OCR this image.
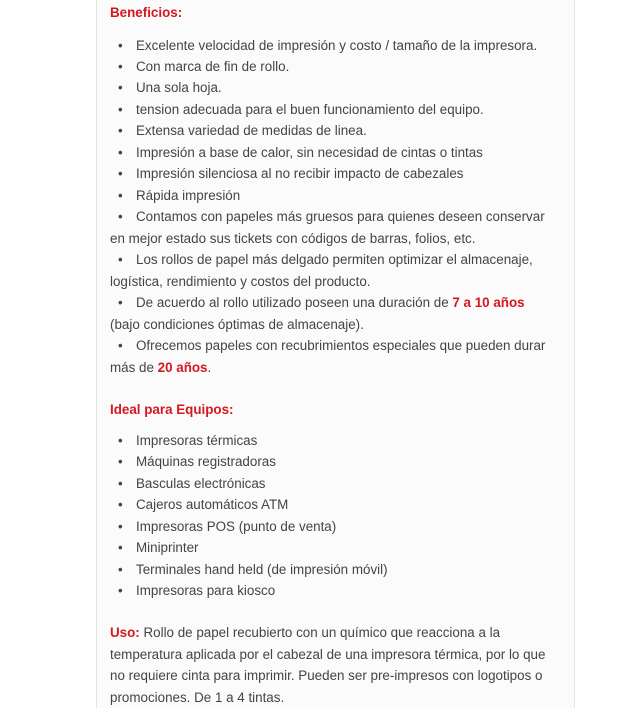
Beneficios:
• Excelente velocidad de impresión y costo / tamaño de la impresora.
• Con marca de fin de rollo.
• Una sola hoja.
• tension adecuada para el buen funcionamiento del equipo.
• Extensa variedad de medidas de linea.
• Impresión a base de calor, sin necesidad de cintas o tintas
• Impresión silenciosa al no recibir impacto de cabezales
• Rápida impresión
• Contamos con papeles más gruesos para quienes deseen conservar en mejor estado sus tickets con códigos de barras, folios, etc.
• Los rollos de papel más delgado permiten optimizar el almacenaje, logística, rendimiento y costos del producto.
• De acuerdo al rollo utilizado poseen una duración de 7 a 10 años (bajo condiciones óptimas de almacenaje).
• Ofrecemos papeles con recubrimientos especiales que pueden durar más de 20 años.
Ideal para Equipos:
• Impresoras térmicas
• Máquinas registradoras
• Basculas electrónicas
• Cajeros automáticos ATM
• Impresoras POS (punto de venta)
• Miniprinter
• Terminales hand held (de impresión móvil)
• Impresoras para kiosco
Uso: Rollo de papel recubierto con un químico que reacciona a la temperatura aplicada por el cabezal de una impresora térmica, por lo que no requiere cinta para imprimir. Pueden ser pre-impresos con logotipos o promociones. De 1 a 4 tintas.
